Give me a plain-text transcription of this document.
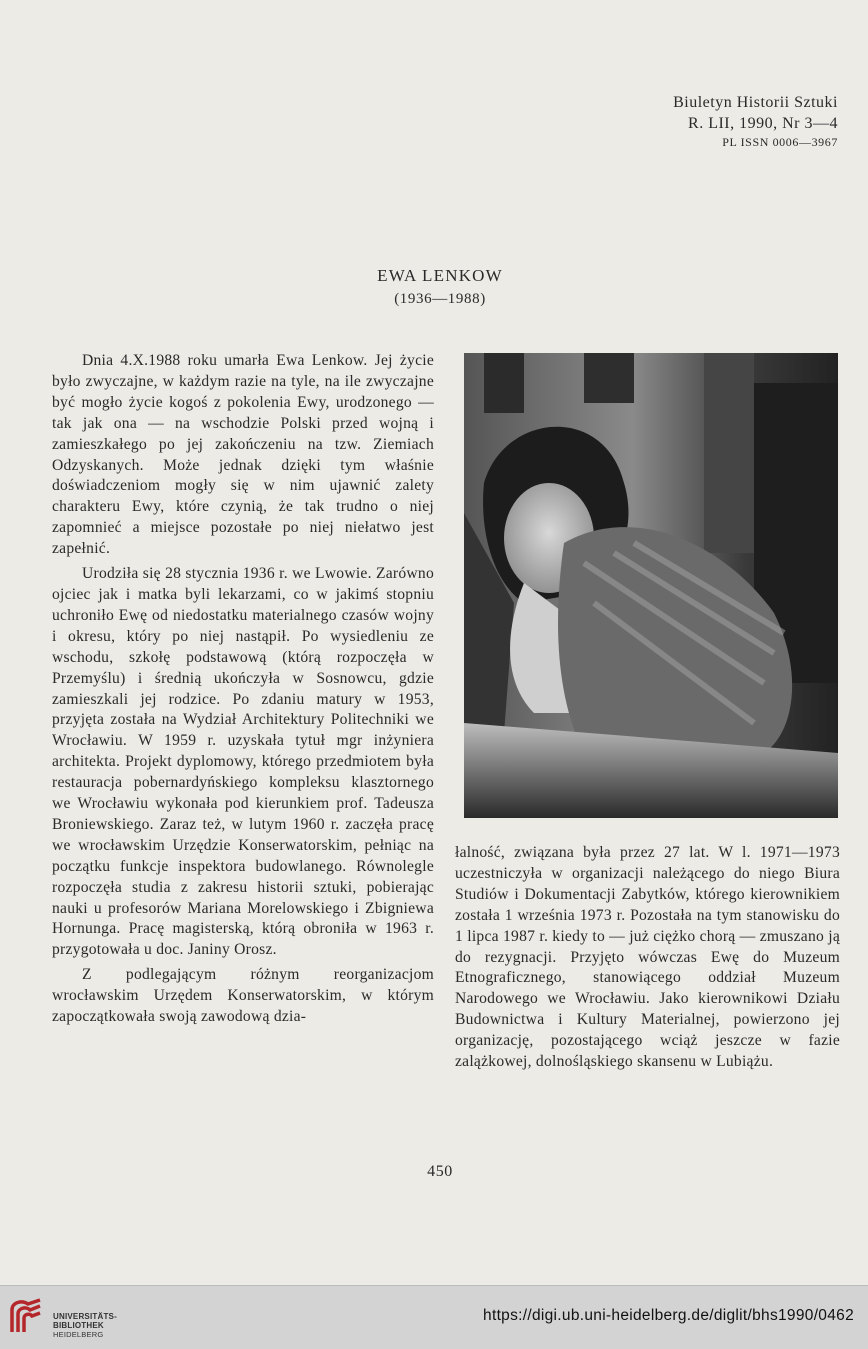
Biuletyn Historii Sztuki
R. LII, 1990, Nr 3—4
PL ISSN 0006—3967
EWA LENKOW
(1936—1988)

Dnia 4.X.1988 roku umarła Ewa Lenkow. Jej życie było zwyczajne, w każdym razie na tyle, na ile zwyczajne być mogło życie kogoś z pokolenia Ewy, urodzonego — tak jak ona — na wschodzie Polski przed wojną i zamieszkałego po jej zakończeniu na tzw. Ziemiach Odzyskanych. Może jednak dzięki tym właśnie doświadczeniom mogły się w nim ujawnić zalety charakteru Ewy, które czynią, że tak trudno o niej zapomnieć a miejsce pozostałe po niej niełatwo jest zapełnić.

Urodziła się 28 stycznia 1936 r. we Lwowie. Zarówno ojciec jak i matka byli lekarzami, co w jakimś stopniu uchroniło Ewę od niedostatku materialnego czasów wojny i okresu, który po niej nastąpił. Po wysiedleniu ze wschodu, szkołę podstawową (którą rozpoczęła w Przemyślu) i średnią ukończyła w Sosnowcu, gdzie zamieszkali jej rodzice. Po zdaniu matury w 1953, przyjęta została na Wydział Architektury Politechniki we Wrocławiu. W 1959 r. uzyskała tytuł mgr inżyniera architekta. Projekt dyplomowy, którego przedmiotem była restauracja pobernardyńskiego kompleksu klasztornego we Wrocławiu wykonała pod kierunkiem prof. Tadeusza Broniewskiego. Zaraz też, w lutym 1960 r. zaczęła pracę we wrocławskim Urzędzie Konserwatorskim, pełniąc na początku funkcje inspektora budowlanego. Równolegle rozpoczęła studia z zakresu historii sztuki, pobierając nauki u profesorów Mariana Morelowskiego i Zbigniewa Hornunga. Pracę magisterską, którą obroniła w 1963 r. przygotowała u doc. Janiny Orosz.

Z podlegającym różnym reorganizacjom wrocławskim Urzędem Konserwatorskim, w którym zapoczątkowała swoją zawodową dzia-

łalność, związana była przez 27 lat. W l. 1971—1973 uczestniczyła w organizacji należącego do niego Biura Studiów i Dokumentacji Zabytków, którego kierownikiem została 1 września 1973 r. Pozostała na tym stanowisku do 1 lipca 1987 r. kiedy to — już ciężko chorą — zmuszano ją do rezygnacji. Przyjęto wówczas Ewę do Muzeum Etnograficznego, stanowiącego oddział Muzeum Narodowego we Wrocławiu. Jako kierownikowi Działu Budownictwa i Kultury Materialnej, powierzono jej organizację, pozostającego wciąż jeszcze w fazie zalążkowej, dolnośląskiego skansenu w Lubiążu.

450
UNIVERSITÄTS-
BIBLIOTHEK
HEIDELBERG
https://digi.ub.uni-heidelberg.de/diglit/bhs1990/0462
